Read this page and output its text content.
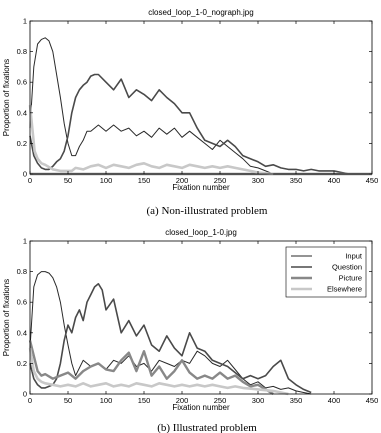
closed_loop_1-0_nograph.jpg
0	50	100	150	200	250	300	350	400	450
0
0.2
0.4
0.6
0.8
1
Fixation number
Proportion of fixations
(a) Non-illustrated problem
closed_loop_1-0.jpg
0	50	100	150	200	250	300	350	400	450
0
0.2
0.4
0.6
0.8
1
Fixation number
Proportion of fixations
(b) Illustrated problem
Input
Question
Picture
Elsewhere
